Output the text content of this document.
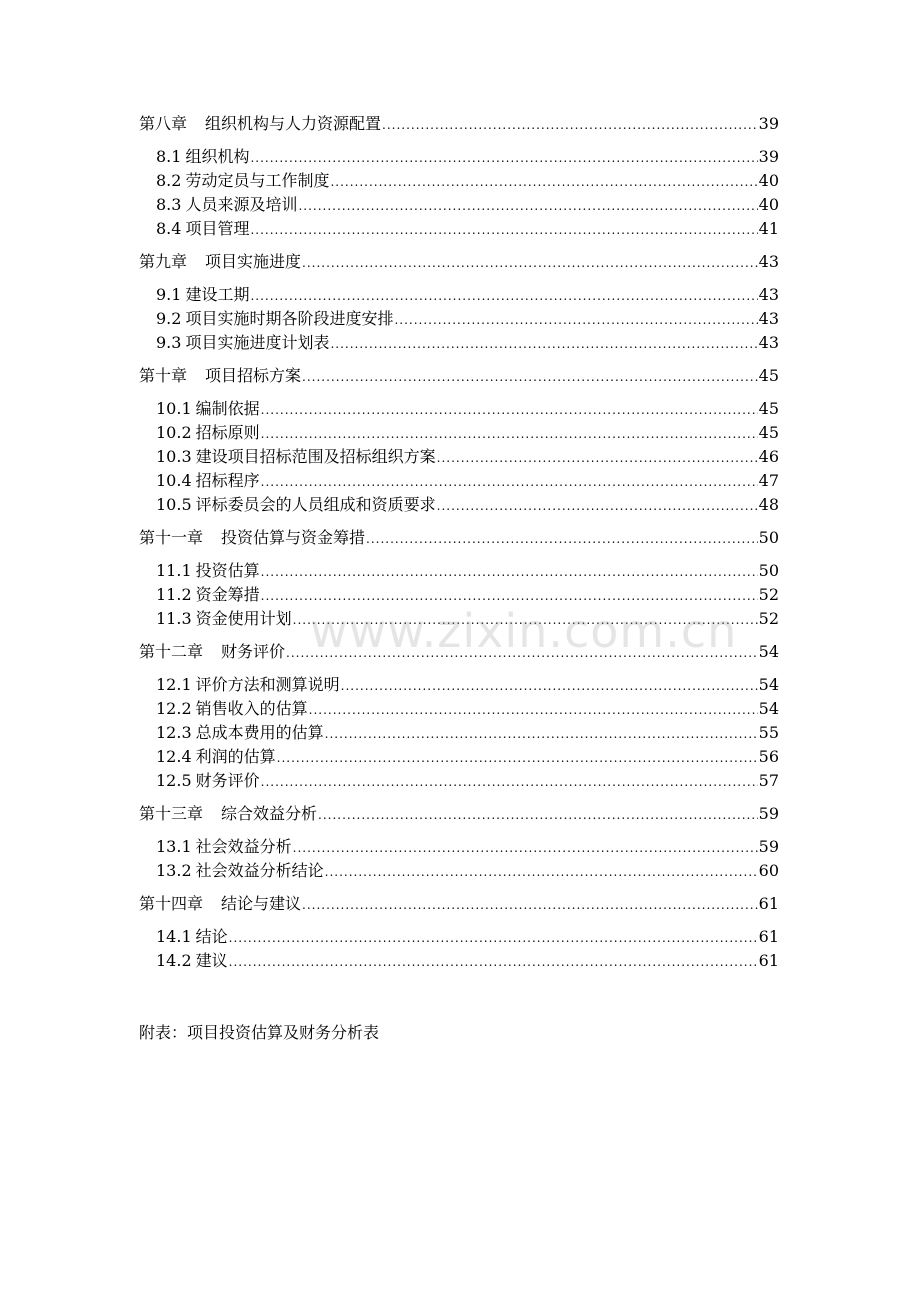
第八章 组织机构与人力资源配置 .....	39
8.1 组织机构 .....	39
8.2 劳动定员与工作制度 .....	40
8.3 人员来源及培训 .....	40
8.4 项目管理 .....	41
第九章 项目实施进度 .....	43
9.1 建设工期 .....	43
9.2 项目实施时期各阶段进度安排 .....	43
9.3 项目实施进度计划表 .....	43
第十章 项目招标方案 .....	45
10.1 编制依据 .....	45
10.2 招标原则 .....	45
10.3 建设项目招标范围及招标组织方案 .....	46
10.4 招标程序 .....	47
10.5 评标委员会的人员组成和资质要求 .....	48
第十一章 投资估算与资金筹措 .....	50
11.1 投资估算 .....	50
11.2 资金筹措 .....	52
11.3 资金使用计划 .....	52
第十二章 财务评价 .....	54
12.1 评价方法和测算说明 .....	54
12.2 销售收入的估算 .....	54
12.3 总成本费用的估算 .....	55
12.4 利润的估算 .....	56
12.5 财务评价 .....	57
第十三章 综合效益分析 .....	59
13.1 社会效益分析 .....	59
13.2 社会效益分析结论 .....	60
第十四章 结论与建议 .....	61
14.1 结论 .....	61
14.2 建议 .....	61
附表：项目投资估算及财务分析表
www.zixin.com.cn
